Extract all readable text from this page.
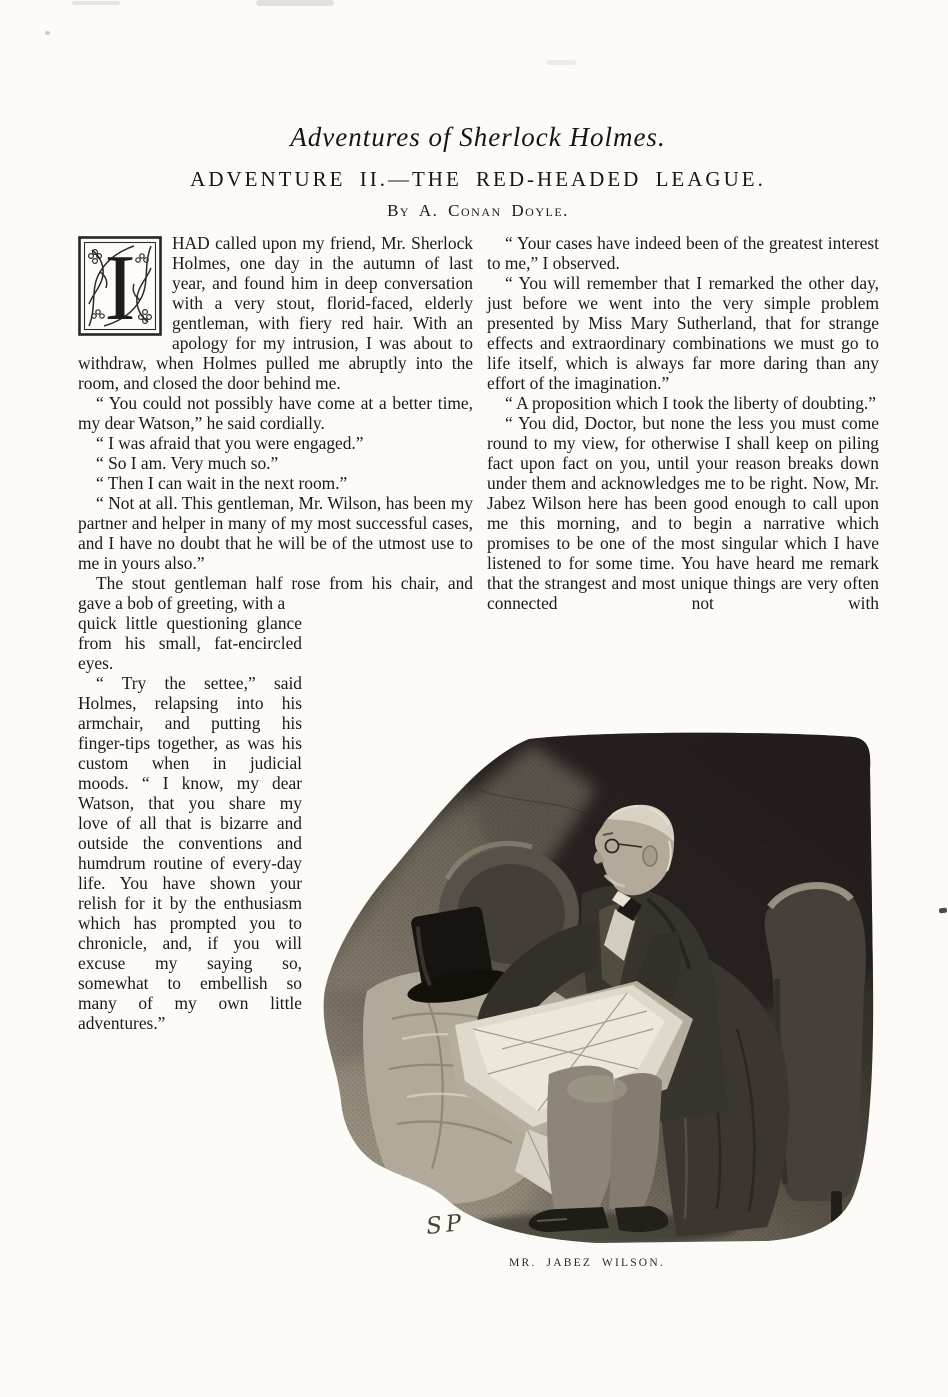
Adventures of Sherlock Holmes.
ADVENTURE II.—THE RED-HEADED LEAGUE.
By A. Conan Doyle.
I	HAD called upon my friend, Mr. Sherlock Holmes, one day in the autumn of last year, and found him in deep conversation with a very stout, florid-faced, elderly gentleman, with fiery red hair. With an apology for my intrusion, I was about to withdraw, when Holmes pulled me abruptly into the room, and closed the door behind me.

“ You could not possibly have come at a better time, my dear Watson,” he said cordially.

“ I was afraid that you were engaged.”

“ So I am. Very much so.”

“ Then I can wait in the next room.”

“ Not at all. This gentleman, Mr. Wilson, has been my partner and helper in many of my most successful cases, and I have no doubt that he will be of the utmost use to me in yours also.”

The stout gentleman half rose from his chair, and gave a bob of greeting, with a

quick little questioning glance from his small, fat-encircled eyes.

“ Try the settee,” said Holmes, relapsing into his armchair, and putting his finger-tips together, as was his custom when in judicial moods. “ I know, my dear Watson, that you share my love of all that is bizarre and outside the conventions and humdrum routine of every-day life. You have shown your relish for it by the enthusiasm which has prompted you to chronicle, and, if you will excuse my saying so, somewhat to embellish so many of my own little adventures.”

“ Your cases have indeed been of the greatest interest to me,” I observed.

“ You will remember that I remarked the other day, just before we went into the very simple problem presented by Miss Mary Sutherland, that for strange effects and extraordinary combinations we must go to life itself, which is always far more daring than any effort of the imagination.”

“ A proposition which I took the liberty of doubting.”

“ You did, Doctor, but none the less you must come round to my view, for otherwise I shall keep on piling fact upon fact on you, until your reason breaks down under them and acknowledges me to be right. Now, Mr. Jabez Wilson here has been good enough to call upon me this morning, and to begin a narrative which promises to be one of the most singular which I have listened to for some time. You have heard me remark that the strangest and most unique things are very often connected not with

SP
MR. JABEZ WILSON.
